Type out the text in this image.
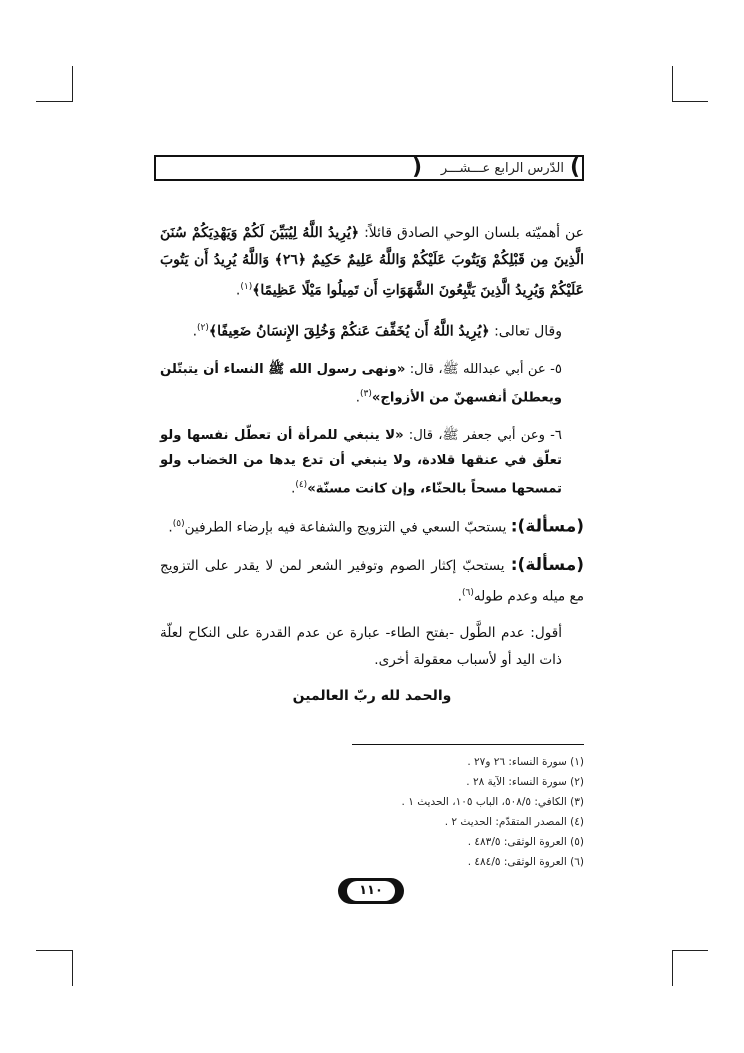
)	الدّرس الرابع عـــشـــر (

عن أهميّته بلسان الوحي الصادق قائلاً: ﴿يُرِيدُ اللَّهُ لِيُبَيِّنَ لَكُمْ وَيَهْدِيَكُمْ سُنَنَ الَّذِينَ مِن قَبْلِكُمْ وَيَتُوبَ عَلَيْكُمْ وَاللَّهُ عَلِيمٌ حَكِيمٌ ﴿٢٦﴾ وَاللَّهُ يُرِيدُ أَن يَتُوبَ عَلَيْكُمْ وَيُرِيدُ الَّذِينَ يَتَّبِعُونَ الشَّهَوَاتِ أَن تَمِيلُوا مَيْلًا عَظِيمًا﴾$^{(١)}$.

وقال تعالى: ﴿يُرِيدُ اللَّهُ أَن يُخَفِّفَ عَنكُمْ وَخُلِقَ الإِنسَانُ ضَعِيفًا﴾$^{(٢)}$.

٥- عن أبي عبدالله ﷺ، قال: «ونهى رسول الله ﷺ النساء أن يتبتّلن ويعطلنَ أنفسهنّ من الأزواج»$^{(٣)}$.

٦- وعن أبي جعفر ﷺ، قال: «لا ينبغي للمرأة أن تعطّل نفسها ولو تعلّق في عنقها قلادة، ولا ينبغي أن تدع يدها من الخضاب ولو تمسحها مسحاً بالحنّاء، وإن كانت مسنّة»$^{(٤)}$.

(مسألة): يستحبّ السعي في التزويج والشفاعة فيه بإرضاء الطرفين$^{(٥)}$.

(مسألة): يستحبّ إكثار الصوم وتوفير الشعر لمن لا يقدر على التزويج مع ميله وعدم طوله$^{(٦)}$.

أقول: عدم الطَّول -بفتح الطاء- عبارة عن عدم القدرة على النكاح لعلّة ذات اليد أو لأسباب معقولة أخرى.

والحمد لله ربّ العالمين
(١) سورة النساء: ٢٦ و٢٧ .
(٢) سورة النساء: الآية ٢٨ .
(٣) الكافي: ٥٠٨/٥، الباب ١٠٥، الحديث ١ .
(٤) المصدر المتقدّم: الحديث ٢ .
(٥) العروة الوثقى: ٤٨٣/٥ .
(٦) العروة الوثقى: ٤٨٤/٥ .
١١٠
